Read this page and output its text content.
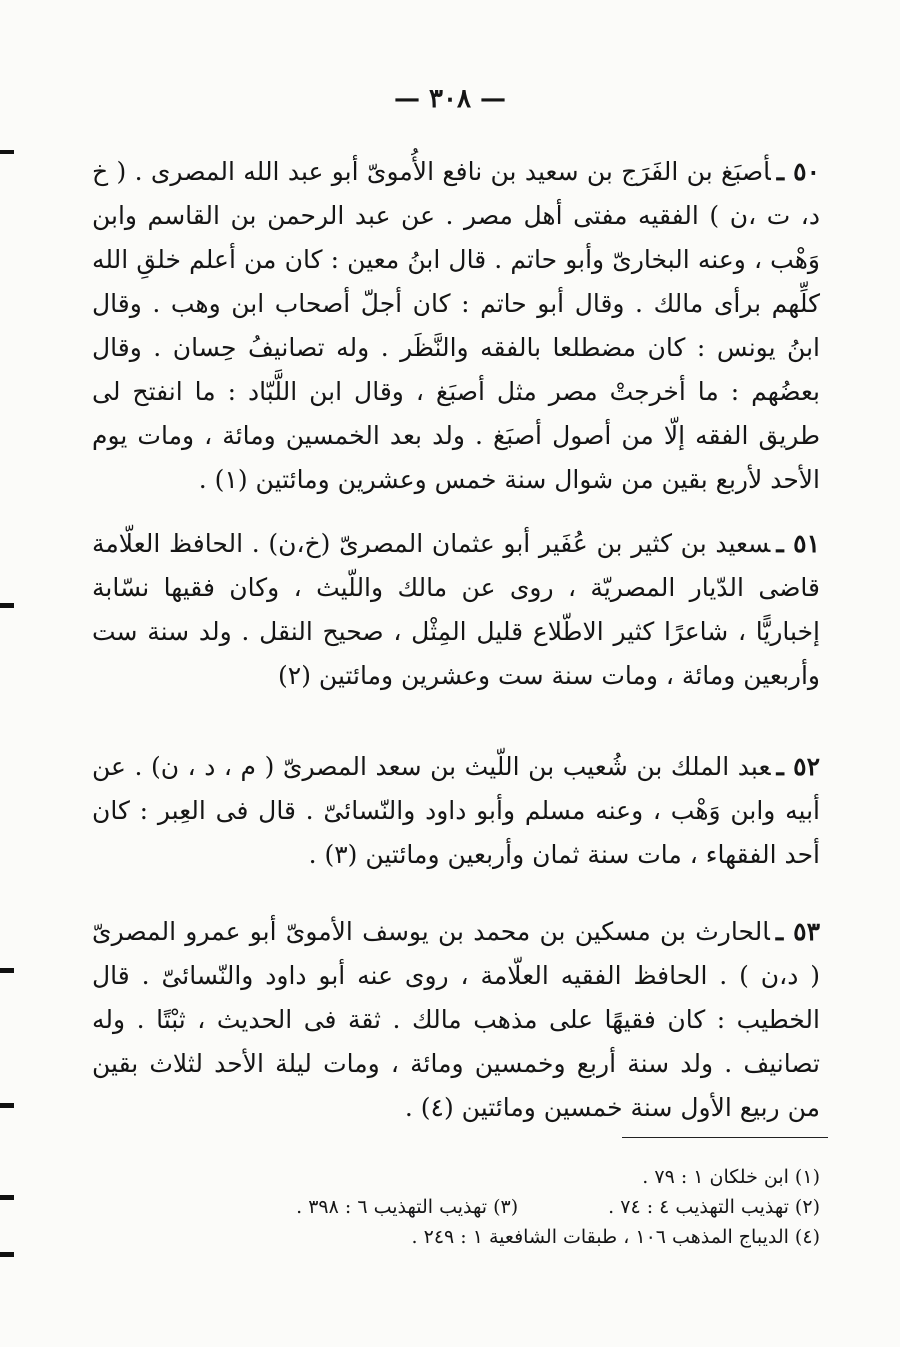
— ٣٠٨ —

٥٠ ـأصبَغ بن الفَرَج بن سعيد بن نافع الأُموىّ أبو عبد الله المصرى . ( خ د، ت ،ن ) الفقيه مفتى أهل مصر . عن عبد الرحمن بن القاسم وابن وَهْب ، وعنه البخارىّ وأبو حاتم . قال ابنُ معين : كان من أعلم خلقِ الله كلِّهم برأى مالك . وقال أبو حاتم : كان أجلّ أصحاب ابن وهب . وقال ابنُ يونس : كان مضطلعا بالفقه والنَّظَر . وله تصانيفُ حِسان . وقال بعضُهم : ما أخرجتْ مصر مثل أصبَغ ، وقال ابن اللَّبّاد : ما انفتح لى طريق الفقه إلّا من أصول أصبَغ . ولد بعد الخمسين ومائة ، ومات يوم الأحد لأربع بقين من شوال سنة خمس وعشرين ومائتين (١) .

٥١ ـسعيد بن كثير بن عُفَير أبو عثمان المصرىّ (خ،ن) . الحافظ العلّامة قاضى الدّيار المصريّة ، روى عن مالك واللّيث ، وكان فقيها نسّابة إخباريًّا ، شاعرًا كثير الاطّلاع قليل المِثْل ، صحيح النقل . ولد سنة ست وأربعين ومائة ، ومات سنة ست وعشرين ومائتين (٢)

٥٢ ـعبد الملك بن شُعيب بن اللّيث بن سعد المصرىّ ( م ، د ، ن) . عن أبيه وابن وَهْب ، وعنه مسلم وأبو داود والنّسائىّ . قال فى العِبر : كان أحد الفقهاء ، مات سنة ثمان وأربعين ومائتين (٣) .

٥٣ ـالحارث بن مسكين بن محمد بن يوسف الأموىّ أبو عمرو المصرىّ ( د،ن ) . الحافظ الفقيه العلّامة ، روى عنه أبو داود والنّسائىّ . قال الخطيب : كان فقيهًا على مذهب مالك . ثقة فى الحديث ، ثبْتًا . وله تصانيف . ولد سنة أربع وخمسين ومائة ، ومات ليلة الأحد لثلاث بقين من ربيع الأول سنة خمسين ومائتين (٤) .

(١) ابن خلكان ١ : ٧٩ .
(٢) تهذيب التهذيب ٤ : ٧٤ .
(٣) تهذيب التهذيب ٦ : ٣٩٨ .
(٤) الديباج المذهب ١٠٦ ، طبقات الشافعية ١ : ٢٤٩ .
